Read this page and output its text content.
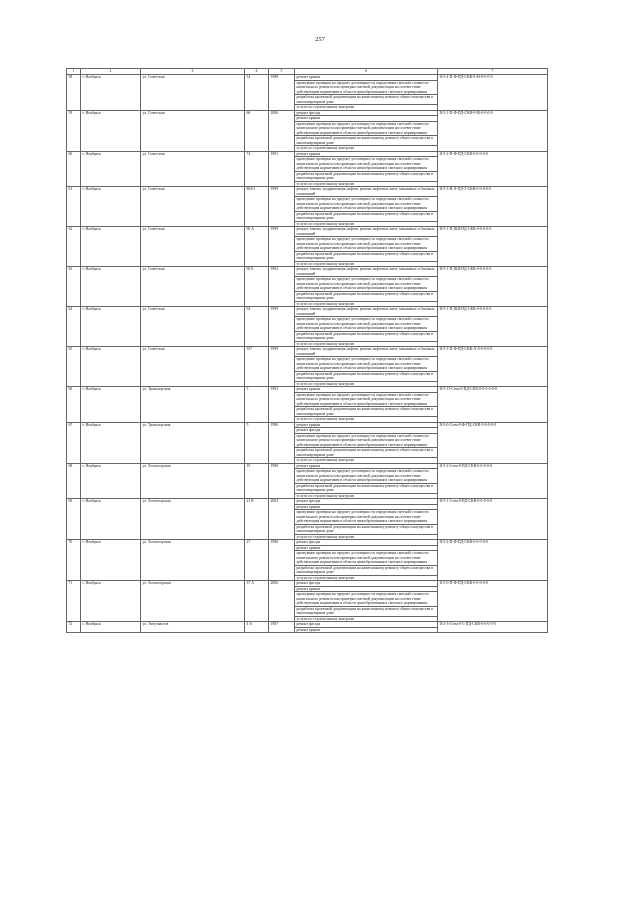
257
1	2	3	4	5	6	7
58	г. Ноябрьск	ул. Советская	54	1988	ремонт крыши	II-5-4-П-Ф-ПД-СКВ-0-М-0-0-0-0
					проведение проверки на предмет достоверности определения сметной стоимости капитального ремонта или проверки сметной документации на соответствие действующим нормативам в области ценообразования в сметного нормирования	
					разработка проектной документации на капитальному ремонту общего имущества в многоквартирном доме	
					услуги по строительному контролю	
59	г. Ноябрьск	ул. Советская	66	2006	ремонт фасада	II-5-1-П-Ф-ПД-СКВ-0-М-0-0-0-0
					ремонт крыши	
					проведение проверки на предмет достоверности определения сметной стоимости капитального ремонта или проверки сметной документации на соответствие действующим нормативам в области ценообразования в сметного нормирования	
					разработка проектной документации на капитальному ремонту общего имущества в многоквартирном доме	
					услуги по строительному контролю	
60	г. Ноябрьск	ул. Советская	74	1991	ремонт крыши	II-5-2-П-Ф-ПД-СКВ-0-0-0-0-0
					проведение проверки на предмет достоверности определения сметной стоимости капитального ремонта или проверки сметной документации на соответствие действующим нормативам в области ценообразования в сметного нормирования	
					разработка проектной документации на капитальному ремонту общего имущества в многоквартирном доме	
					услуги по строительному контролю	
61	г. Ноябрьск	ул. Советская	80/61	1999	ремонт, замена, модернизация лифтов, ремонт лифтовых шахт, машинных и блочных помещений	II-5-3-Н-Л-ПД-Т-СКВ-0-0-0-0-0
					проведение проверки на предмет достоверности определения сметной стоимости капитального ремонта или проверки сметной документации на соответствие действующим нормативам в области ценообразования в сметного нормирования	
					разработка проектной документации на капитальному ремонту общего имущества в многоквартирном доме	
					услуги по строительному контролю	
62	г. Ноябрьск	ул. Советская	90 А	1999	ремонт, замена, модернизация лифтов, ремонт лифтовых шахт, машинных и блочных помещений	II-5-1-П-ДШ-ПД-СКВ-0-0-0-0-0
					проведение проверки на предмет достоверности определения сметной стоимости капитального ремонта или проверки сметной документации на соответствие действующим нормативам в области ценообразования в сметного нормирования	
					разработка проектной документации на капитальному ремонту общего имущества в многоквартирном доме	
					услуги по строительному контролю	
63	г. Ноябрьск	ул. Советская	90 Б	1992	ремонт, замена, модернизация лифтов, ремонт лифтовых шахт, машинных и блочных помещений	II-5-1-П-ДШ-ПД-СКВ-0-0-0-0-0
					проведение проверки на предмет достоверности определения сметной стоимости капитального ремонта или проверки сметной документации на соответствие действующим нормативам в области ценообразования в сметного нормирования	
					разработка проектной документации на капитальному ремонту общего имущества в многоквартирном доме	
					услуги по строительному контролю	
64	г. Ноябрьск	ул. Советская	94	1999	ремонт, замена, модернизация лифтов, ремонт лифтовых шахт, машинных и блочных помещений	II-5-1-П-ДШ-ПД-СКВ-0-0-0-0-0
					проведение проверки на предмет достоверности определения сметной стоимости капитального ремонта или проверки сметной документации на соответствие действующим нормативам в области ценообразования в сметного нормирования	
					разработка проектной документации на капитальному ремонту общего имущества в многоквартирном доме	
					услуги по строительному контролю	
65	г. Ноябрьск	ул. Советская	107	1999	ремонт, замена, модернизация лифтов, ремонт лифтовых шахт, машинных и блочных помещений	II-5-3-П-Ф-ПД-СКВ-Л-Л-0-0-0-0
					проведение проверки на предмет достоверности определения сметной стоимости капитального ремонта или проверки сметной документации на соответствие действующим нормативам в области ценообразования в сметного нормирования	
					разработка проектной документации на капитальному ремонту общего имущества в многоквартирном доме	
					услуги по строительному контролю	
66	г. Ноябрьск	ул. Транспортная	5	1993	ремонт крыши	II-5-11-Стен-0-ПД-СКВ-0-0-0-0-0-0
					проведение проверки на предмет достоверности определения сметной стоимости капитального ремонта или проверки сметной документации на соответствие действующим нормативам в области ценообразования в сметного нормирования	
					разработка проектной документации на капитальному ремонту общего имущества в многоквартирном доме	
					услуги по строительному контролю	
67	г. Ноябрьск	ул. Транспортная	5	1986	ремонт крыши	II-5-0-Стен-0-Ф-ПД-СКВ-0-0-0-0-0
					ремонт фасада	
					проведение проверки на предмет достоверности определения сметной стоимости капитального ремонта или проверки сметной документации на соответствие действующим нормативам в области ценообразования в сметного нормирования	
					разработка проектной документации на капитальному ремонту общего имущества в многоквартирном доме	
					услуги по строительному контролю	
68	г. Ноябрьск	ул. Холмогорская	19	1988	ремонт крыши	II-5-2-Стен-0-ПД-СКВ-0-0-0-0-0
					проведение проверки на предмет достоверности определения сметной стоимости капитального ремонта или проверки сметной документации на соответствие действующим нормативам в области ценообразования в сметного нормирования	
					разработка проектной документации на капитальному ремонту общего имущества в многоквартирном доме	
					услуги по строительному контролю	
69	г. Ноябрьск	ул. Холмогорская	21 К	2002	ремонт фасада	II-5-1-Стен-0-ПД-СКВ-0-0-0-0-0
					ремонт крыши	
					проведение проверки на предмет достоверности определения сметной стоимости капитального ремонта или проверки сметной документации на соответствие действующим нормативам в области ценообразования в сметного нормирования	
					разработка проектной документации на капитальному ремонту общего имущества в многоквартирном доме	
					услуги по строительному контролю	
70	г. Ноябрьск	ул. Холмогорская	27	1998	ремонт фасада	II-5-2-П-Ф-ПД-СКВ-0-0-0-0-0
					ремонт крыши	
					проведение проверки на предмет достоверности определения сметной стоимости капитального ремонта или проверки сметной документации на соответствие действующим нормативам в области ценообразования в сметного нормирования	
					разработка проектной документации на капитальному ремонту общего имущества в многоквартирном доме	
					услуги по строительному контролю	
71	г. Ноябрьск	ул. Холмогорская	37 А	2006	ремонт фасада	II-5-0-П-Ф-ПД-СКВ-0-0-0-0-0
					ремонт крыши	
					проведение проверки на предмет достоверности определения сметной стоимости капитального ремонта или проверки сметной документации на соответствие действующим нормативам в области ценообразования в сметного нормирования	
					разработка проектной документации на капитальному ремонту общего имущества в многоквартирном доме	
					услуги по строительному контролю	
72	г. Ноябрьск	ул. Энтузиастов	4 А	1987	ремонт фасада	II-2-3-Стен-0-С-ПД-СКВ-0-0-0-0-0
					ремонт крыши	
